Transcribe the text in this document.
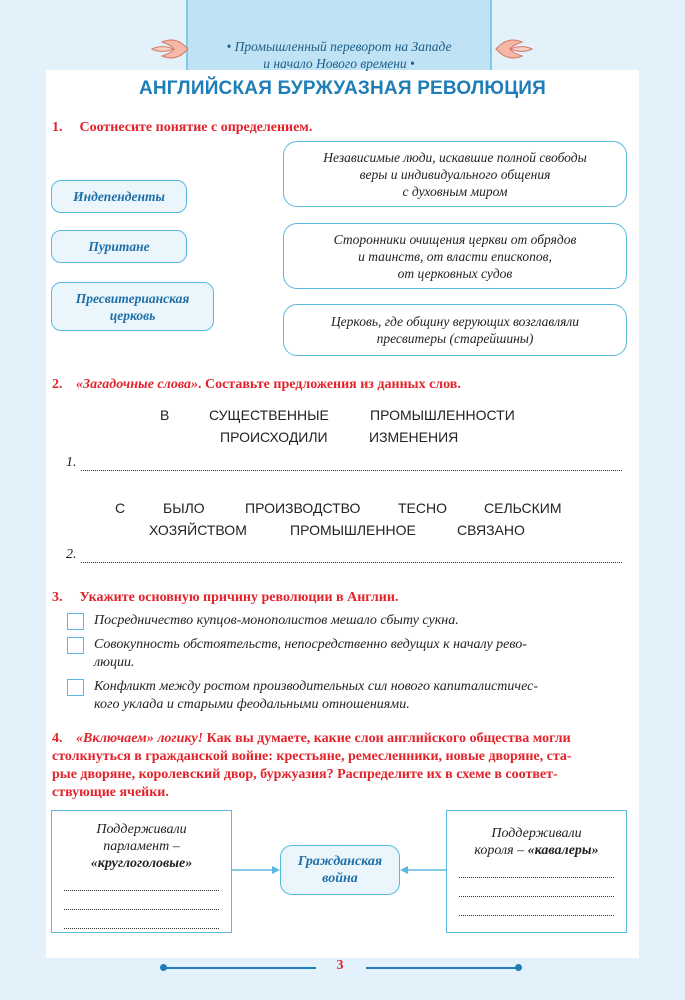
• Промышленный переворот на Западе
и начало Нового времени •
АНГЛИЙСКАЯ БУРЖУАЗНАЯ РЕВОЛЮЦИЯ
1. Соотнесите понятие с определением.
Индепенденты
Пуритане
Пресвитерианская церковь
Независимые люди, искавшие полной свободы
веры и индивидуального общения
с духовным миром
Сторонники очищения церкви от обрядов
и таинств, от власти епископов,
от церковных судов
Церковь, где общину верующих возглавляли
пресвитеры (старейшины)
2. «Загадочные слова». Составьте предложения из данных слов.
В	СУЩЕСТВЕННЫЕ	ПРОМЫШЛЕННОСТИ
ПРОИСХОДИЛИ	ИЗМЕНЕНИЯ
1.
С	БЫЛО	ПРОИЗВОДСТВО	ТЕСНО	СЕЛЬСКИМ
ХОЗЯЙСТВОМ	ПРОМЫШЛЕННОЕ	СВЯЗАНО
2.
3. Укажите основную причину революции в Англии.
Посредничество купцов-монополистов мешало сбыту сукна.
Совокупность обстоятельств, непосредственно ведущих к началу рево-
люции.
Конфликт между ростом производительных сил нового капиталистичес-
кого уклада и старыми феодальными отношениями.
4. «Включаем» логику! Как вы думаете, какие слои английского общества могли
столкнуться в гражданской войне: крестьяне, ремесленники, новые дворяне, ста-
рые дворяне, королевский двор, буржуазия? Распределите их в схеме в соответ-
ствующие ячейки.
Поддерживали
парламент –
«круглоголовые»
Поддерживали
короля – «кавалеры»
Гражданская
война
3
